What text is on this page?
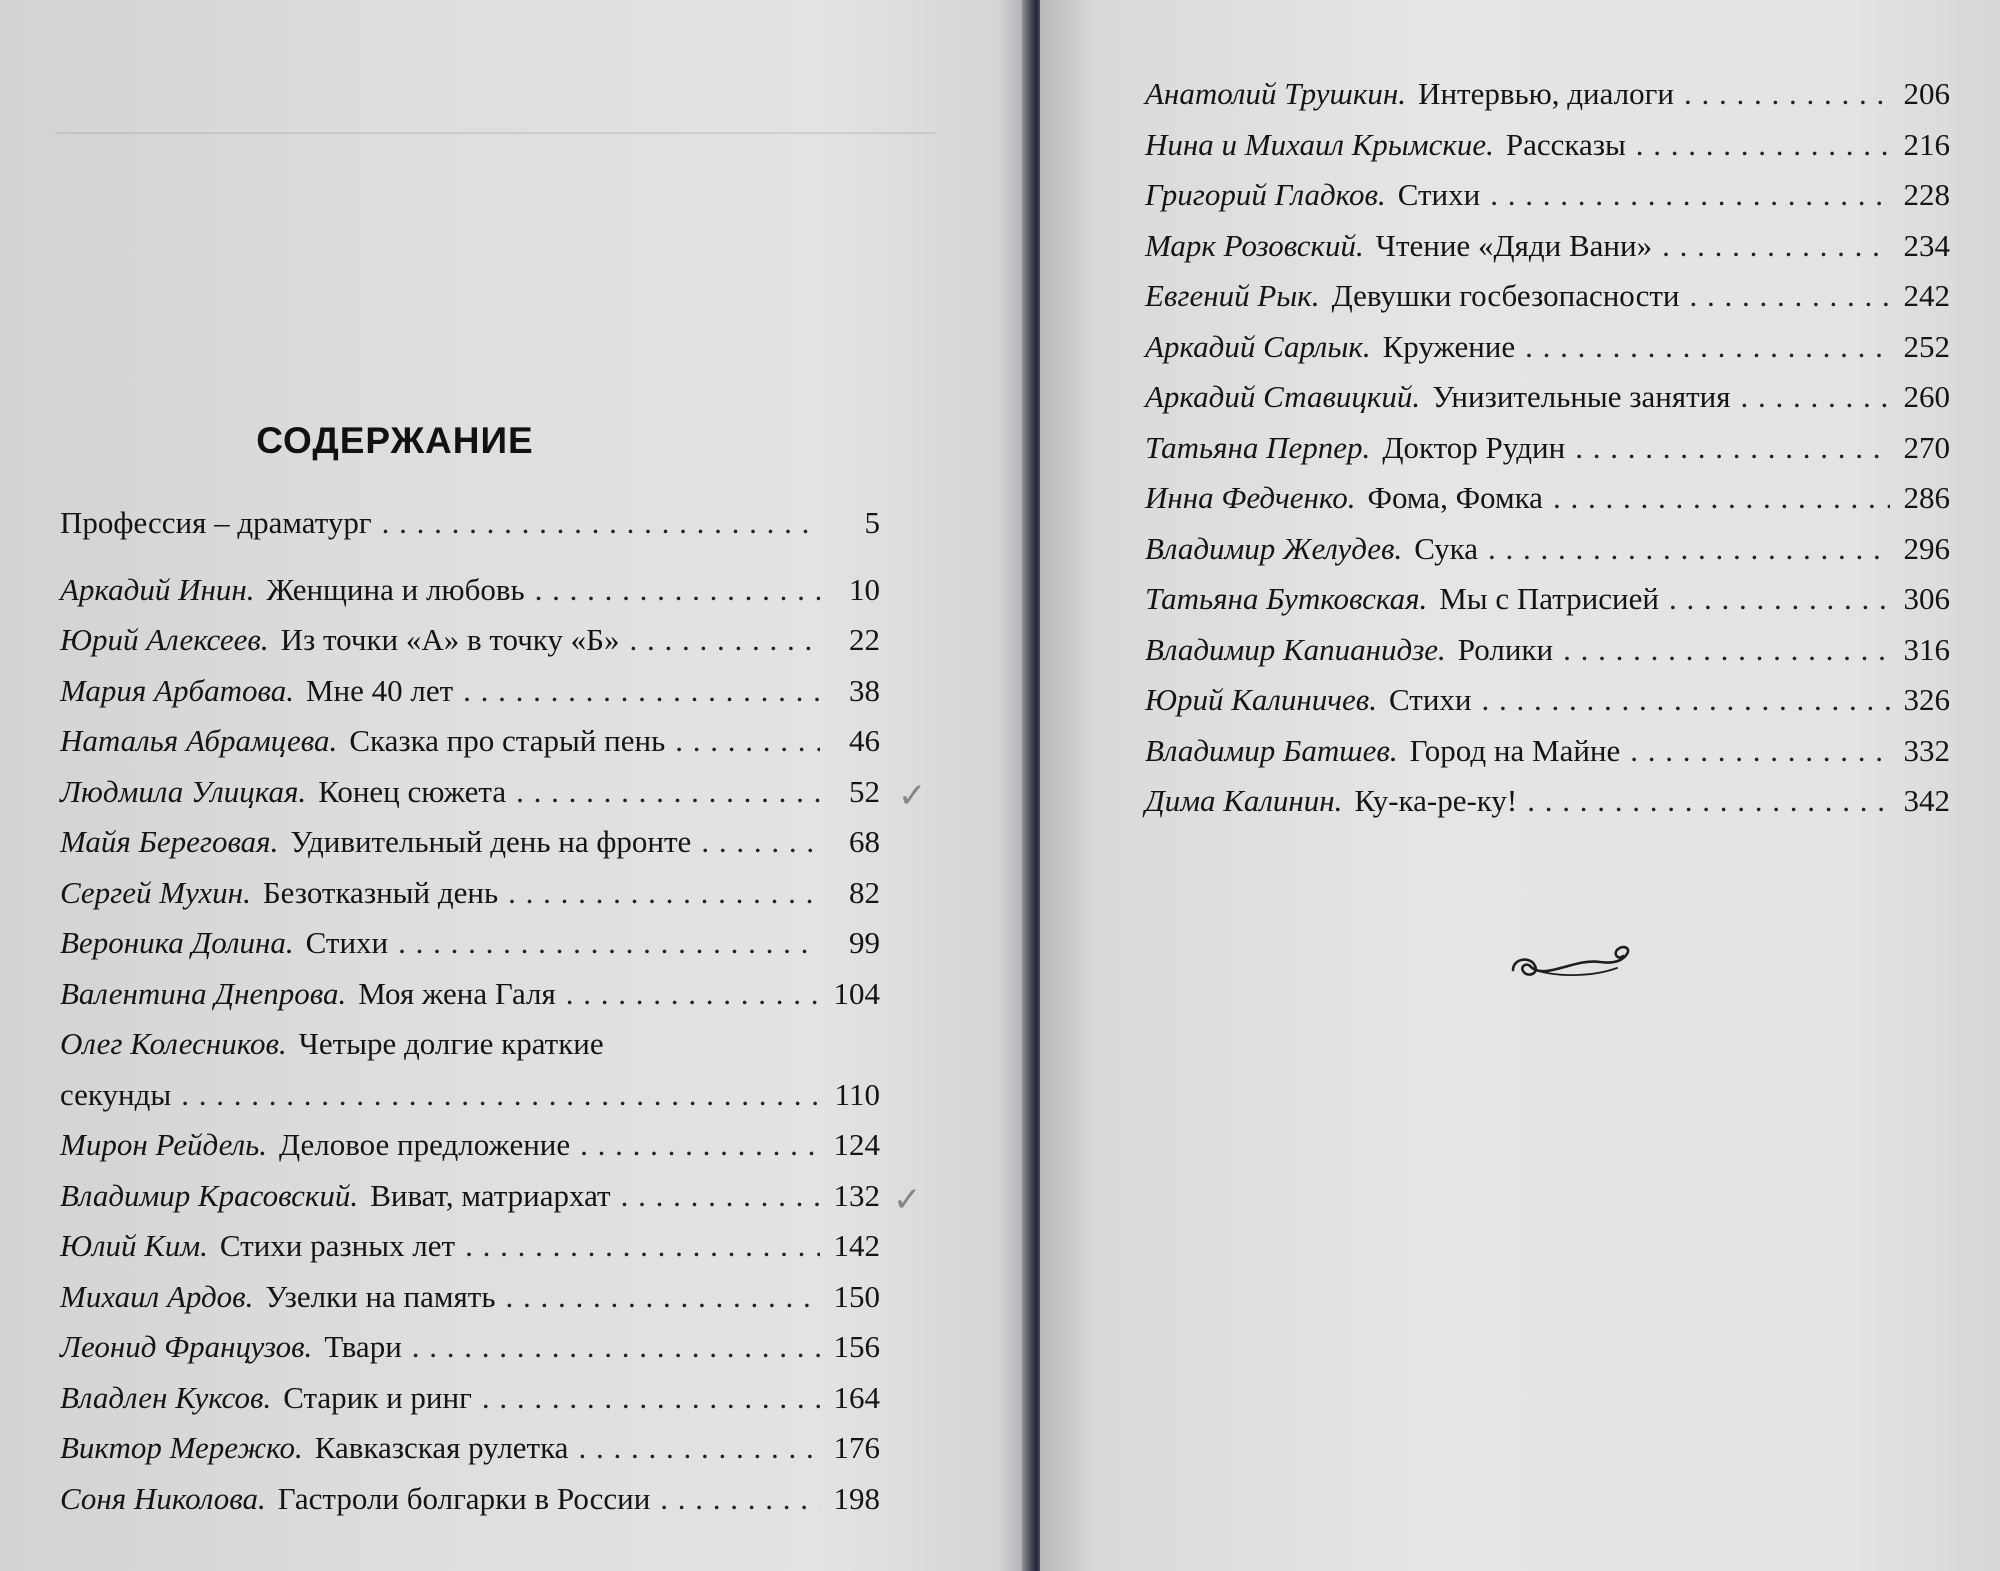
СОДЕРЖАНИЕ
Профессия – драматург . . .	5
Аркадий Инин. Женщина и любовь . . .	10
Юрий Алексеев. Из точки «А» в точку «Б» . . .	22
Мария Арбатова. Мне 40 лет . . .	38
Наталья Абрамцева. Сказка про старый пень . . .	46
Людмила Улицкая. Конец сюжета . . .	52
Майя Береговая. Удивительный день на фронте . . .	68
Сергей Мухин. Безотказный день . . .	82
Вероника Долина. Стихи . . .	99
Валентина Днепрова. Моя жена Галя . . .	104
Олег Колесников. Четыре долгие краткие
секунды . . .	110
Мирон Рейдель. Деловое предложение . . .	124
Владимир Красовский. Виват, матриархат . . .	132
Юлий Ким. Стихи разных лет . . .	142
Михаил Ардов. Узелки на память . . .	150
Леонид Французов. Твари . . .	156
Владлен Куксов. Старик и ринг . . .	164
Виктор Мережко. Кавказская рулетка . . .	176
Соня Николова. Гастроли болгарки в России . . .	198
✓
✓
Анатолий Трушкин. Интервью, диалоги . . .	206
Нина и Михаил Крымские. Рассказы . . .	216
Григорий Гладков. Стихи . . .	228
Марк Розовский. Чтение «Дяди Вани» . . .	234
Евгений Рык. Девушки госбезопасности . . .	242
Аркадий Сарлык. Кружение . . .	252
Аркадий Ставицкий. Унизительные занятия . . .	260
Татьяна Перпер. Доктор Рудин . . .	270
Инна Федченко. Фома, Фомка . . .	286
Владимир Желудев. Сука . . .	296
Татьяна Бутковская. Мы с Патрисией . . .	306
Владимир Капианидзе. Ролики . . .	316
Юрий Калиничев. Стихи . . .	326
Владимир Батшев. Город на Майне . . .	332
Дима Калинин. Ку-ка-ре-ку! . . .	342
